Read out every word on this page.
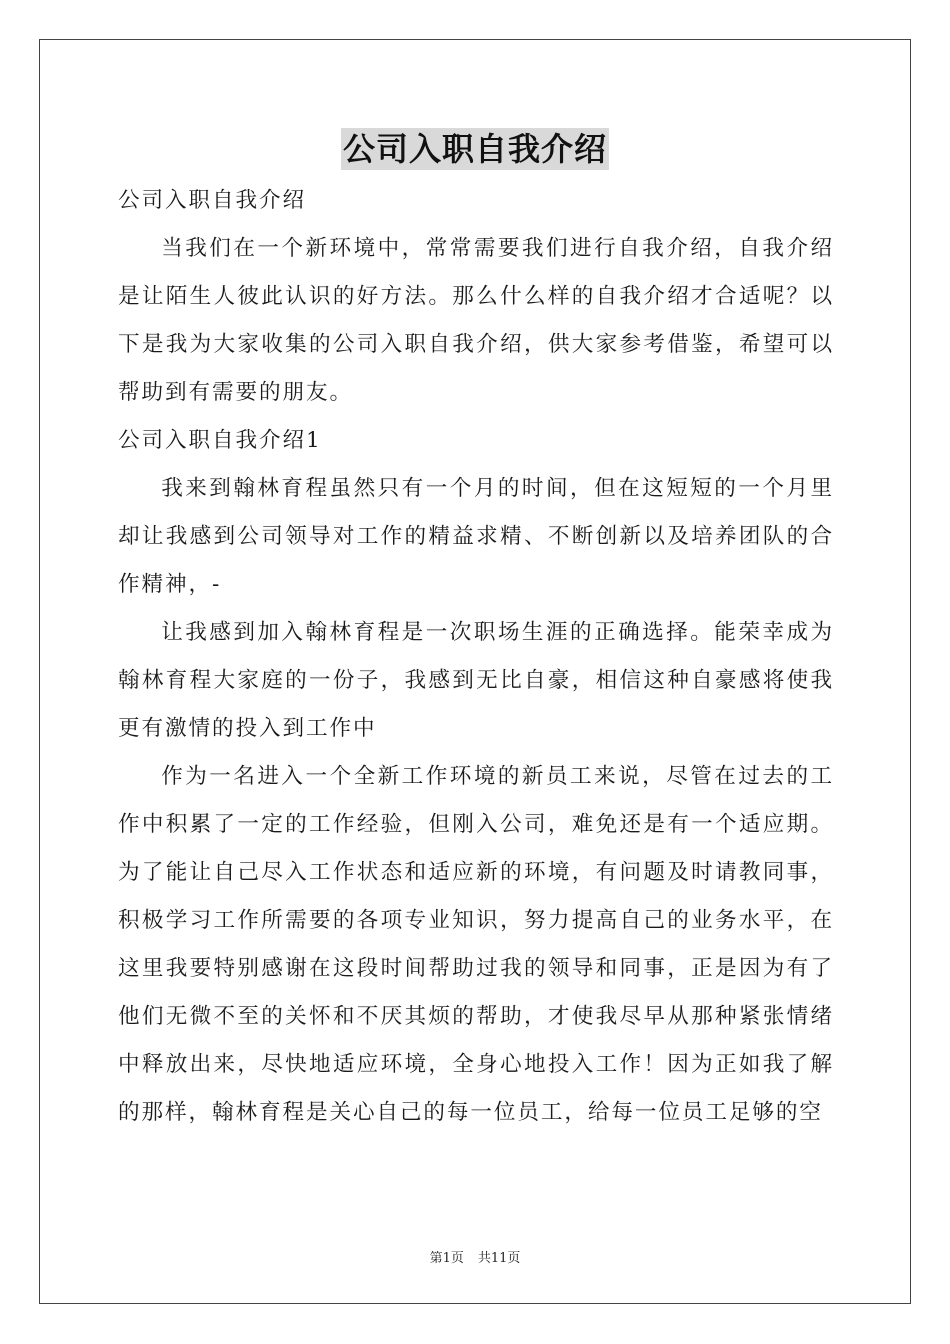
公司入职自我介绍

公司入职自我介绍

当我们在一个新环境中，常常需要我们进行自我介绍，自我介绍是让陌生人彼此认识的好方法。那么什么样的自我介绍才合适呢？以下是我为大家收集的公司入职自我介绍，供大家参考借鉴，希望可以帮助到有需要的朋友。

公司入职自我介绍1

我来到翰林育程虽然只有一个月的时间，但在这短短的一个月里却让我感到公司领导对工作的精益求精、不断创新以及培养团队的合作精神，-

让我感到加入翰林育程是一次职场生涯的正确选择。能荣幸成为翰林育程大家庭的一份子，我感到无比自豪，相信这种自豪感将使我更有激情的投入到工作中

作为一名进入一个全新工作环境的新员工来说，尽管在过去的工作中积累了一定的工作经验，但刚入公司，难免还是有一个适应期。为了能让自己尽入工作状态和适应新的环境，有问题及时请教同事，积极学习工作所需要的各项专业知识，努力提高自己的业务水平，在这里我要特别感谢在这段时间帮助过我的领导和同事，正是因为有了他们无微不至的关怀和不厌其烦的帮助，才使我尽早从那种紧张情绪中释放出来，尽快地适应环境，全身心地投入工作！因为正如我了解的那样，翰林育程是关心自己的每一位员工，给每一位员工足够的空

第1页 共11页
